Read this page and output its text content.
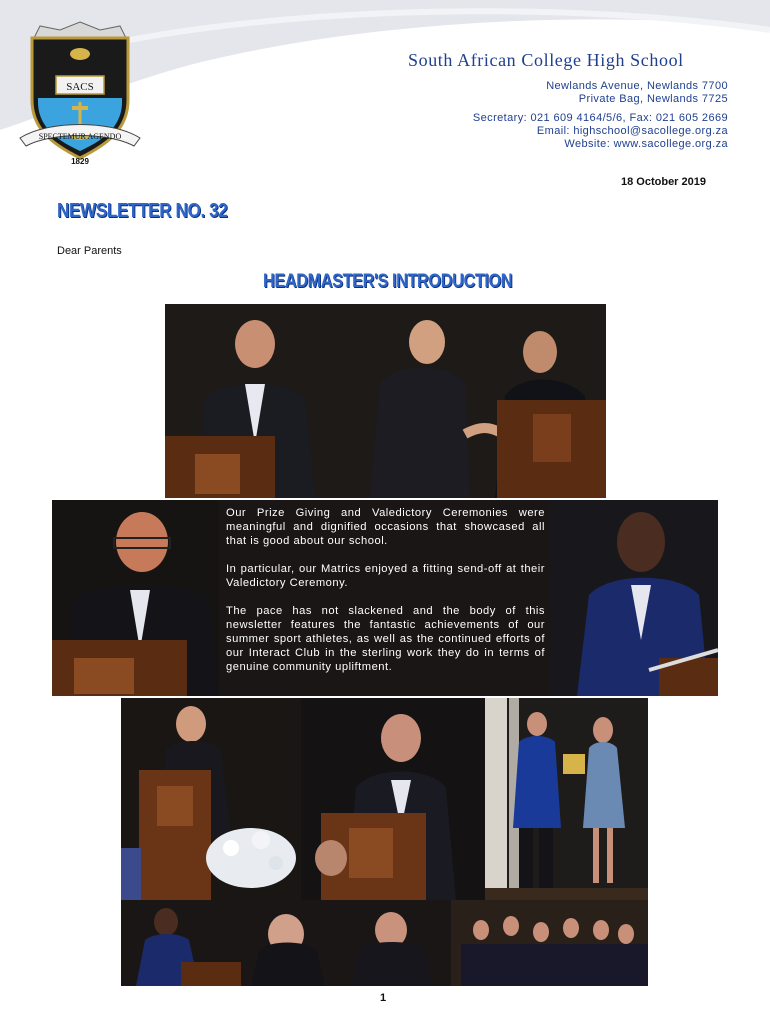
SACS
SPECTEMUR AGENDO
1829
South African College High School
Newlands Avenue, Newlands 7700
Private Bag, Newlands 7725
Secretary: 021 609 4164/5/6, Fax: 021 605 2669
Email: highschool@sacollege.org.za
Website: www.sacollege.org.za
18 October 2019
NEWSLETTER NO. 32
Dear Parents
HEADMASTER'S INTRODUCTION

Our Prize Giving and Valedictory Ceremonies were meaningful and dignified occasions that showcased all that is good about our school.

In particular, our Matrics enjoyed a fitting send-off at their Valedictory Ceremony.

The pace has not slackened and the body of this newsletter features the fantastic achievements of our summer sport athletes, as well as the continued efforts of our Interact Club in the sterling work they do in terms of genuine community upliftment.

1
